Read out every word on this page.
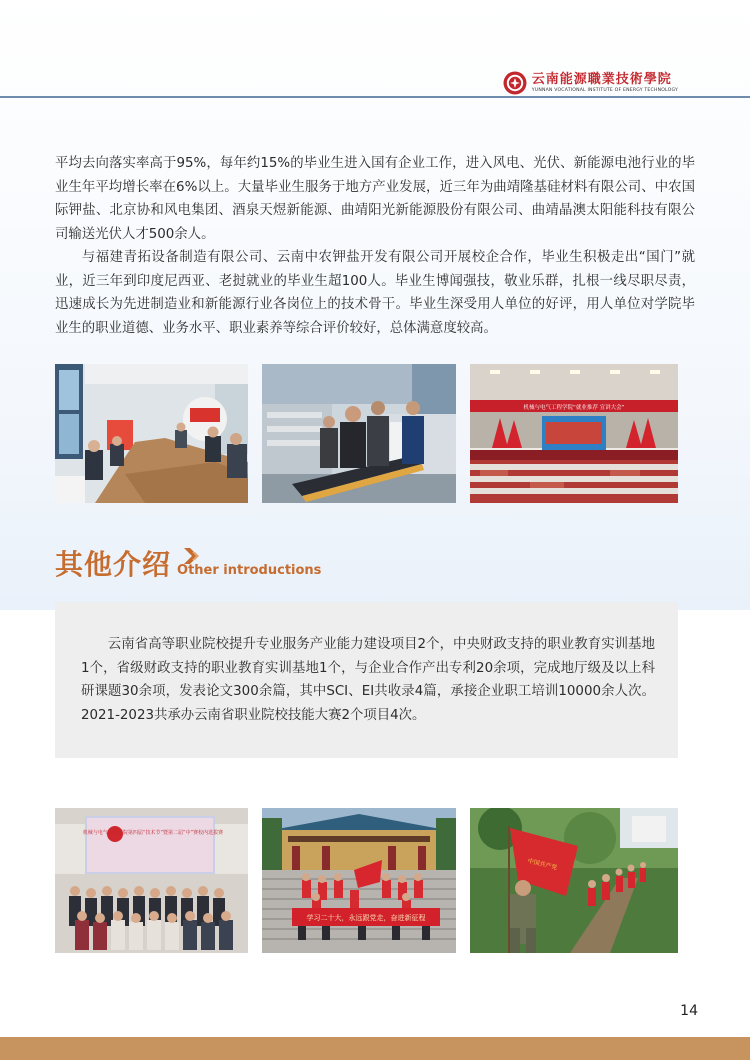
云南能源職業技術學院
YUNNAN VOCATIONAL INSTITUTE OF ENERGY TECHNOLOGY

平均去向落实率高于95%，每年约15%的毕业生进入国有企业工作，进入风电、光伏、新能源电池行业的毕业生年平均增长率在6%以上。大量毕业生服务于地方产业发展，近三年为曲靖隆基硅材料有限公司、中农国际钾盐、北京协和风电集团、酒泉天煜新能源、曲靖阳光新能源股份有限公司、曲靖晶澳太阳能科技有限公司输送光伏人才500余人。

与福建青拓设备制造有限公司、云南中农钾盐开发有限公司开展校企合作，毕业生积极走出“国门”就业，近三年到印度尼西亚、老挝就业的毕业生超100人。毕业生博闻强技，敬业乐群，扎根一线尽职尽责，迅速成长为先进制造业和新能源行业各岗位上的技术骨干。毕业生深受用人单位的好评，用人单位对学院毕业生的职业道德、业务水平、职业素养等综合评价较好，总体满意度较高。

机械与电气工程学院“就业推荐 宣讲大会”
其他介绍 Other introductions

云南省高等职业院校提升专业服务产业能力建设项目2个，中央财政支持的职业教育实训基地1个，省级财政支持的职业教育实训基地1个，与企业合作产出专利20余项，完成地厅级及以上科研课题30余项，发表论文300余篇，其中SCI、EI共收录4篇，承接企业职工培训10000余人次。2021-2023共承办云南省职业院校技能大赛2个项目4次。

机械与电气工程学院第四届“技术节”暨第二届“中”赛校内选拔赛
学习二十大，永远跟党走，奋进新征程
中国共产党
14
